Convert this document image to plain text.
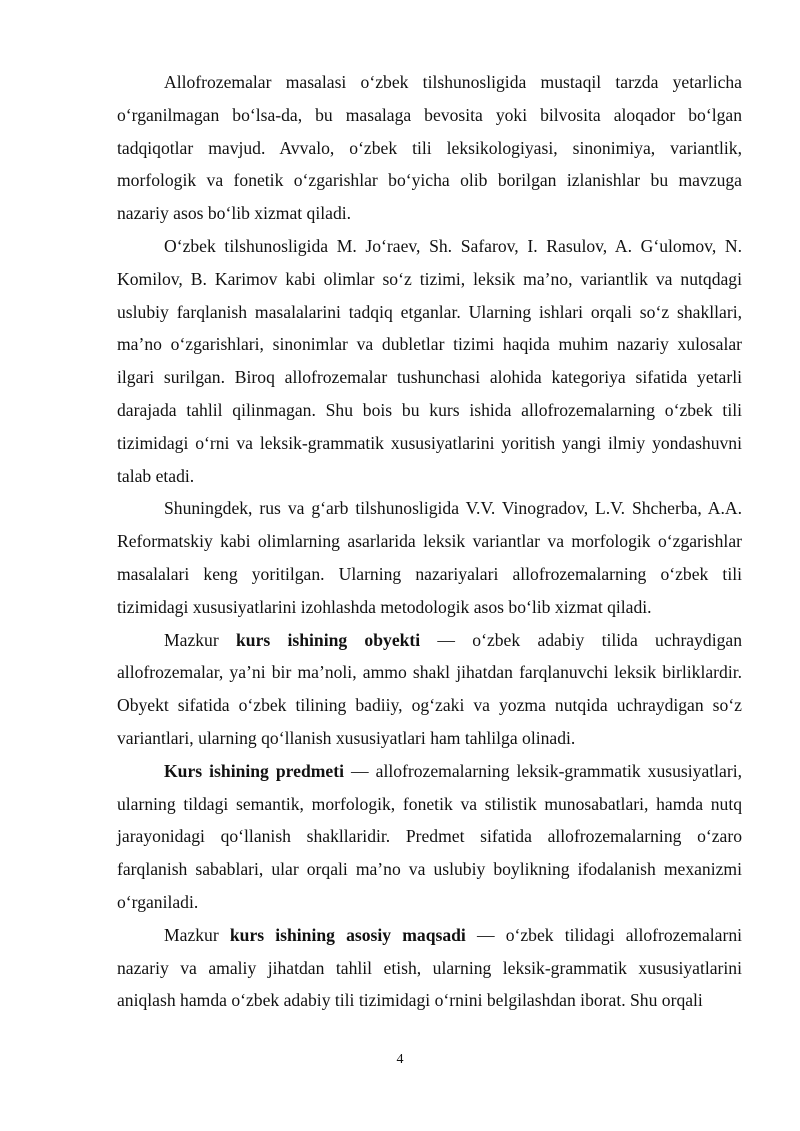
Allofrozemalar masalasi o‘zbek tilshunosligida mustaqil tarzda yetarlicha o‘rganilmagan bo‘lsa-da, bu masalaga bevosita yoki bilvosita aloqador bo‘lgan tadqiqotlar mavjud. Avvalo, o‘zbek tili leksikologiyasi, sinonimiya, variantlik, morfologik va fonetik o‘zgarishlar bo‘yicha olib borilgan izlanishlar bu mavzuga nazariy asos bo‘lib xizmat qiladi.

O‘zbek tilshunosligida M. Jo‘raev, Sh. Safarov, I. Rasulov, A. G‘ulomov, N. Komilov, B. Karimov kabi olimlar so‘z tizimi, leksik ma’no, variantlik va nutqdagi uslubiy farqlanish masalalarini tadqiq etganlar. Ularning ishlari orqali so‘z shakllari, ma’no o‘zgarishlari, sinonimlar va dubletlar tizimi haqida muhim nazariy xulosalar ilgari surilgan. Biroq allofrozemalar tushunchasi alohida kategoriya sifatida yetarli darajada tahlil qilinmagan. Shu bois bu kurs ishida allofrozemalarning o‘zbek tili tizimidagi o‘rni va leksik-grammatik xususiyatlarini yoritish yangi ilmiy yondashuvni talab etadi.

Shuningdek, rus va g‘arb tilshunosligida V.V. Vinogradov, L.V. Shcherba, A.A. Reformatskiy kabi olimlarning asarlarida leksik variantlar va morfologik o‘zgarishlar masalalari keng yoritilgan. Ularning nazariyalari allofrozemalarning o‘zbek tili tizimidagi xususiyatlarini izohlashda metodologik asos bo‘lib xizmat qiladi.

Mazkur kurs ishining obyekti — o‘zbek adabiy tilida uchraydigan allofrozemalar, ya’ni bir ma’noli, ammo shakl jihatdan farqlanuvchi leksik birliklardir. Obyekt sifatida o‘zbek tilining badiiy, og‘zaki va yozma nutqida uchraydigan so‘z variantlari, ularning qo‘llanish xususiyatlari ham tahlilga olinadi.

Kurs ishining predmeti — allofrozemalarning leksik-grammatik xususiyatlari, ularning tildagi semantik, morfologik, fonetik va stilistik munosabatlari, hamda nutq jarayonidagi qo‘llanish shakllaridir. Predmet sifatida allofrozemalarning o‘zaro farqlanish sabablari, ular orqali ma’no va uslubiy boylikning ifodalanish mexanizmi o‘rganiladi.

Mazkur kurs ishining asosiy maqsadi — o‘zbek tilidagi allofrozemalarni nazariy va amaliy jihatdan tahlil etish, ularning leksik-grammatik xususiyatlarini aniqlash hamda o‘zbek adabiy tili tizimidagi o‘rnini belgilashdan iborat. Shu orqali

4
